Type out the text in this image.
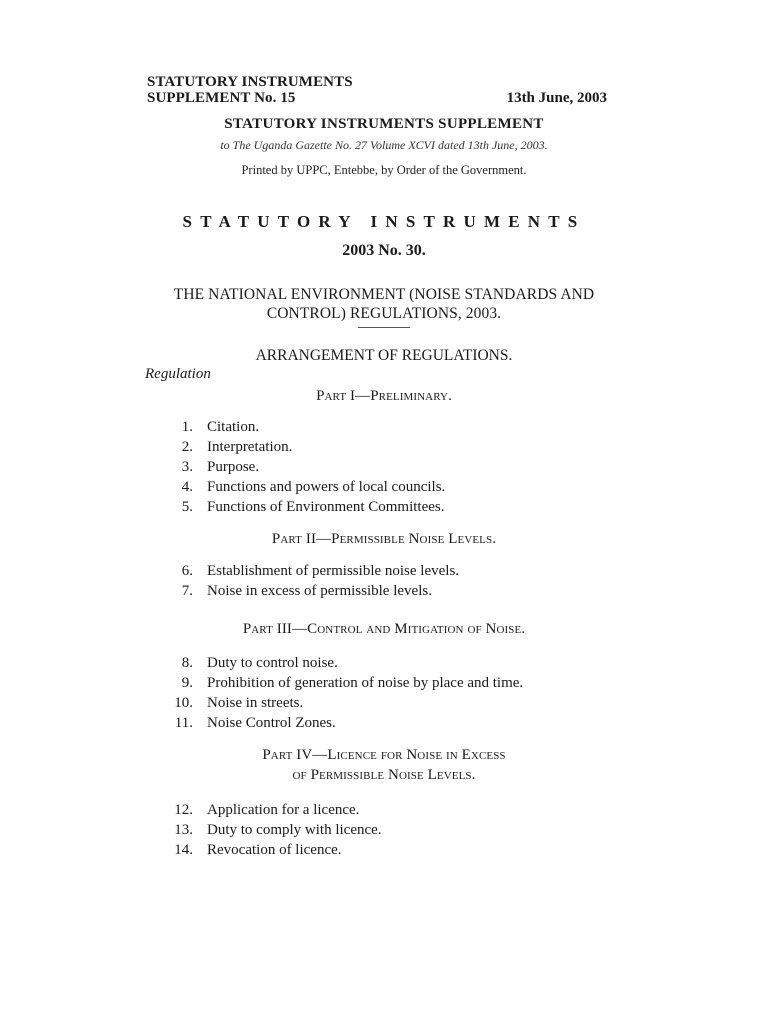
STATUTORY INSTRUMENTS
SUPPLEMENT No. 15	13th June, 2003
STATUTORY INSTRUMENTS SUPPLEMENT
to The Uganda Gazette No. 27 Volume XCVI dated 13th June, 2003.
Printed by UPPC, Entebbe, by Order of the Government.
STATUTORY INSTRUMENTS
2003 No. 30.
THE NATIONAL ENVIRONMENT (NOISE STANDARDS AND
CONTROL) REGULATIONS, 2003.
ARRANGEMENT OF REGULATIONS.
Regulation
Part I—Preliminary.
1. Citation.
2. Interpretation.
3. Purpose.
4. Functions and powers of local councils.
5. Functions of Environment Committees.
Part II—Permissible Noise Levels.
6. Establishment of permissible noise levels.
7. Noise in excess of permissible levels.
Part III—Control and Mitigation of Noise.
8. Duty to control noise.
9. Prohibition of generation of noise by place and time.
10. Noise in streets.
11. Noise Control Zones.
Part IV—Licence for Noise in Excess
of Permissible Noise Levels.
12. Application for a licence.
13. Duty to comply with licence.
14. Revocation of licence.
